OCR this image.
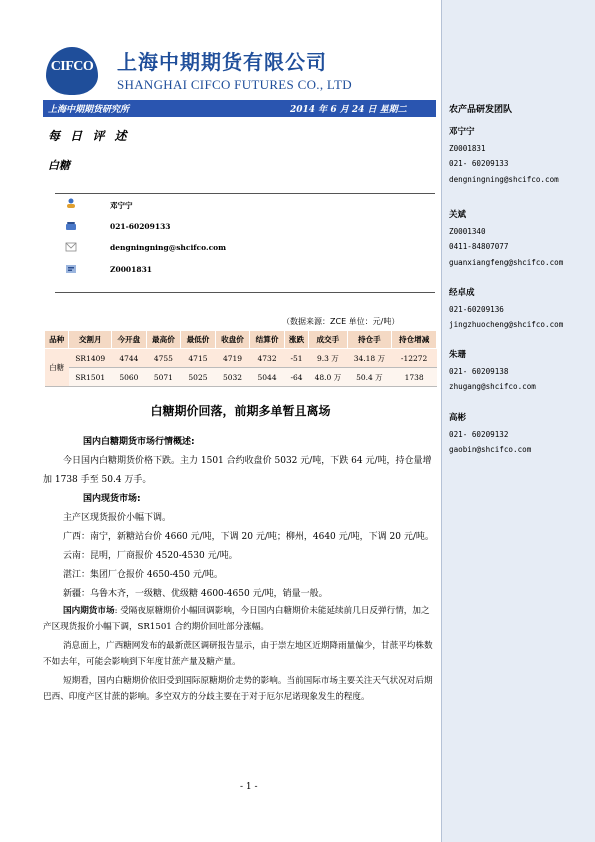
CIFCO 上海中期期货有限公司
SHANGHAI CIFCO FUTURES CO., LTD
上海中期期货研究所	2014 年 6 月 24 日 星期二
每 日 评 述
白糖
邓宁宁
021-60209133
dengningning@shcifco.com
Z0001831
（数据来源：ZCE 单位：元/吨）
品种	交割月	今开盘	最高价	最低价	收盘价	结算价	涨跌	成交手	持仓手	持仓增减
白糖	SR1409	4744	4755	4715	4719	4732	-51	9.3 万	34.18 万	-12272
	SR1501	5060	5071	5025	5032	5044	-64	48.0 万	50.4 万	1738
白糖期价回落，前期多单暂且离场
国内白糖期货市场行情概述:
今日国内白糖期货价格下跌。主力 1501 合约收盘价 5032 元/吨，下跌 64 元/吨，持仓量增加 1738 手至 50.4 万手。
国内现货市场:
主产区现货报价小幅下调。
广西：南宁，新糖站台价 4660 元/吨，下调 20 元/吨；柳州，4640 元/吨，下调 20 元/吨。
云南：昆明，厂商报价 4520-4530 元/吨。
湛江：集团厂仓报价 4650-450 元/吨。
新疆：乌鲁木齐，一级糖、优级糖 4600-4650 元/吨，销量一般。
国内期货市场: 受隔夜原糖期价小幅回调影响，今日国内白糖期价未能延续前几日反弹行情，加之产区现货报价小幅下调，SR1501 合约期价回吐部分涨幅。
消息面上，广西糖网发布的最新蔗区调研报告显示，由于崇左地区近期降雨量偏少，甘蔗平均株数不如去年，可能会影响到下年度甘蔗产量及糖产量。
短期看，国内白糖期价依旧受到国际原糖期价走势的影响。当前国际市场主要关注天气状况对后期巴西、印度产区甘蔗的影响。多空双方的分歧主要在于对于厄尔尼诺现象发生的程度。
- 1 -
农产品研发团队
邓宁宁
Z0001831
021- 60209133
dengningning@shcifco.com
关斌
Z0001340
0411-84807077
guanxiangfeng@shcifco.com
经卓成
021-60209136
jingzhuocheng@shcifco.com
朱珊
021- 60209138
zhugang@shcifco.com
高彬
021- 60209132
gaobin@shcifco.com
